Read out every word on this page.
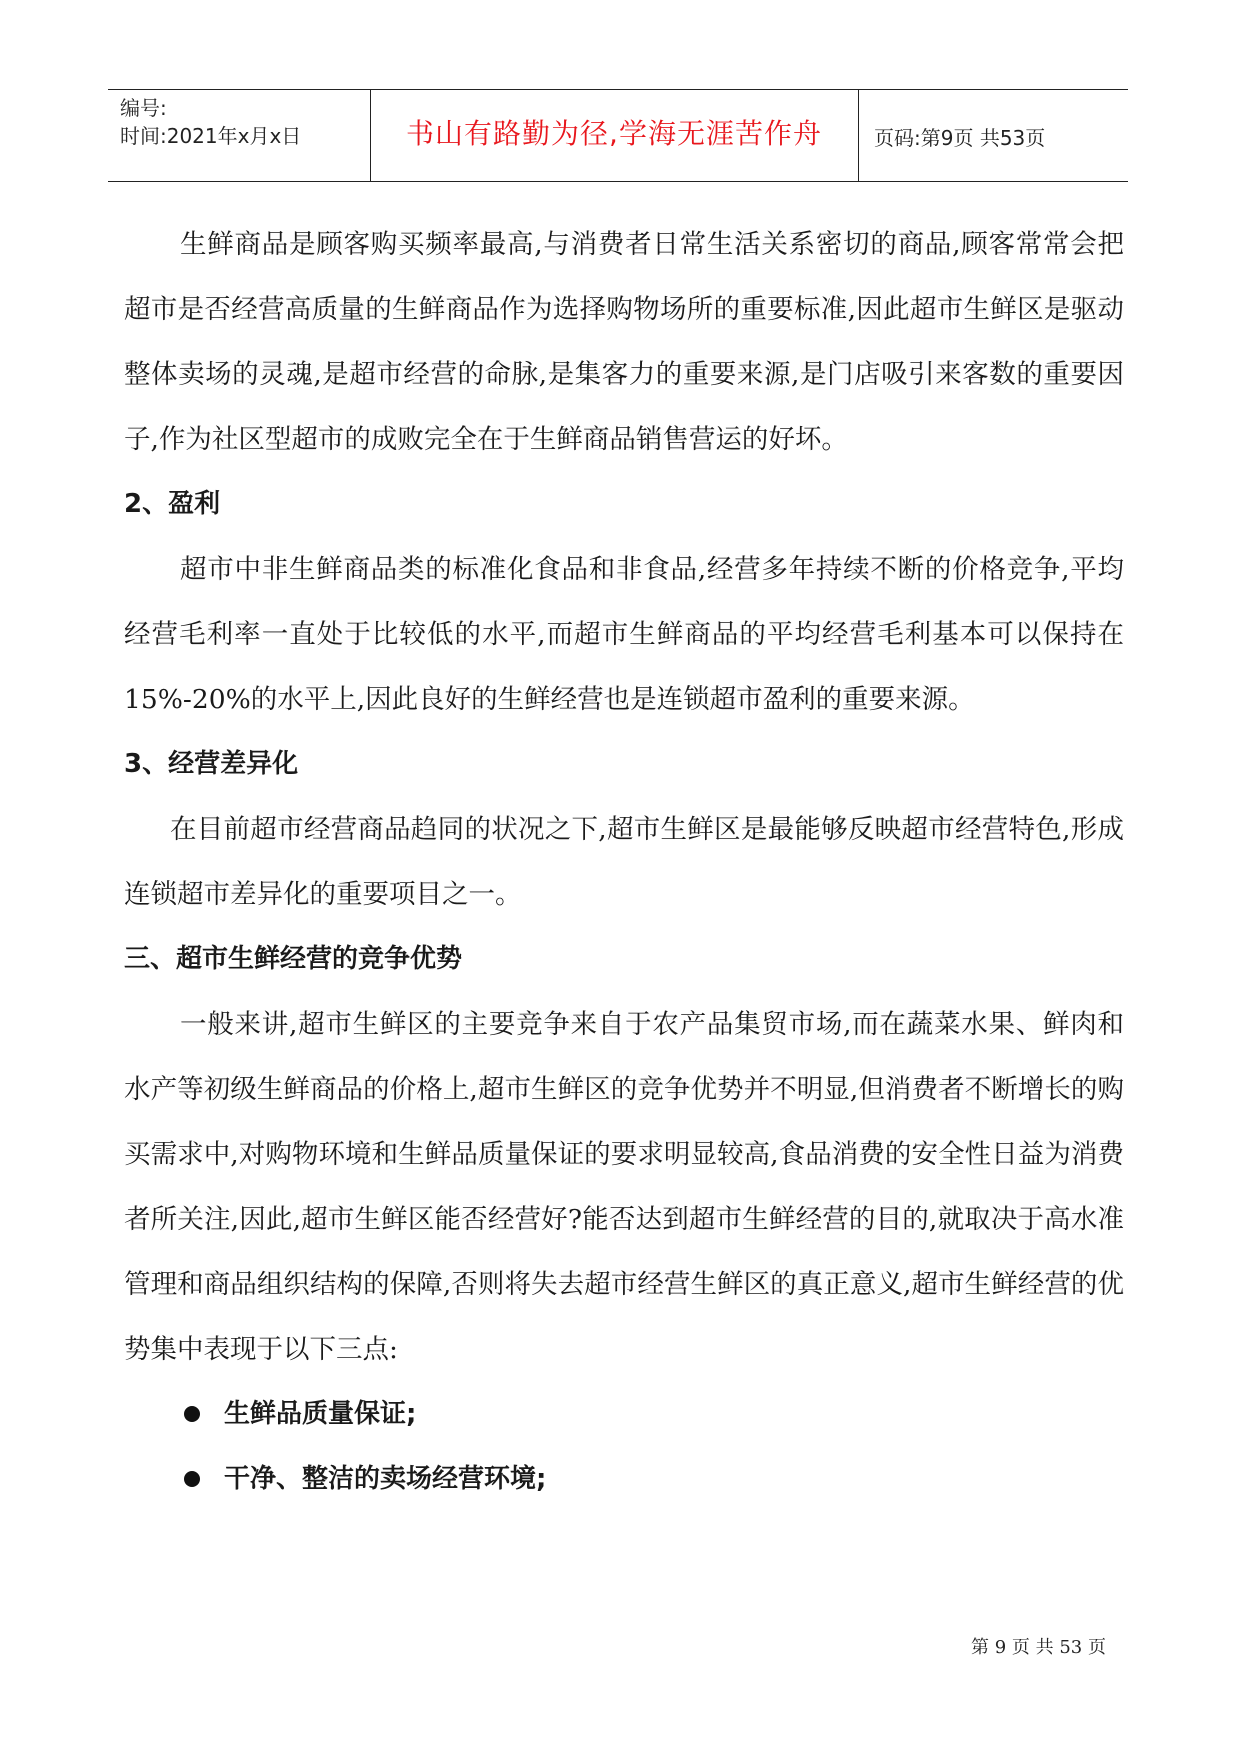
编号:
时间:2021年x月x日	书山有路勤为径,学海无涯苦作舟	页码:第9页 共53页

生鲜商品是顾客购买频率最高,与消费者日常生活关系密切的商品,顾客常常会把超市是否经营高质量的生鲜商品作为选择购物场所的重要标准,因此超市生鲜区是驱动整体卖场的灵魂,是超市经营的命脉,是集客力的重要来源,是门店吸引来客数的重要因子,作为社区型超市的成败完全在于生鲜商品销售营运的好坏。

2、盈利

超市中非生鲜商品类的标准化食品和非食品,经营多年持续不断的价格竞争,平均经营毛利率一直处于比较低的水平,而超市生鲜商品的平均经营毛利基本可以保持在15%-20%的水平上,因此良好的生鲜经营也是连锁超市盈利的重要来源。

3、经营差异化

在目前超市经营商品趋同的状况之下,超市生鲜区是最能够反映超市经营特色,形成连锁超市差异化的重要项目之一。

三、超市生鲜经营的竞争优势

一般来讲,超市生鲜区的主要竞争来自于农产品集贸市场,而在蔬菜水果、鲜肉和水产等初级生鲜商品的价格上,超市生鲜区的竞争优势并不明显,但消费者不断增长的购买需求中,对购物环境和生鲜品质量保证的要求明显较高,食品消费的安全性日益为消费者所关注,因此,超市生鲜区能否经营好?能否达到超市生鲜经营的目的,就取决于高水准管理和商品组织结构的保障,否则将失去超市经营生鲜区的真正意义,超市生鲜经营的优势集中表现于以下三点:

生鲜品质量保证;
干净、整洁的卖场经营环境;
第 9 页 共 53 页
